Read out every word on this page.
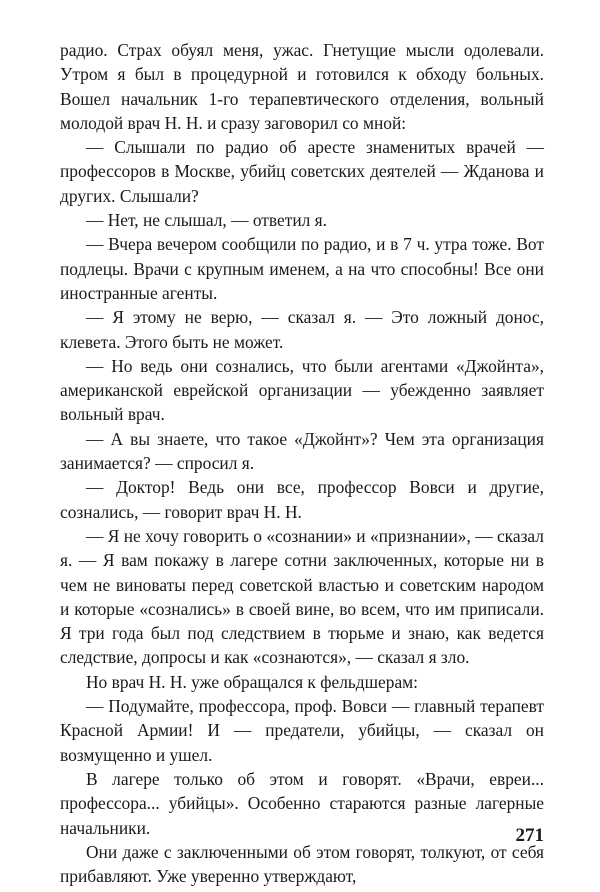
радио. Страх обуял меня, ужас. Гнетущие мысли одолевали. Утром я был в процедурной и готовился к обходу больных. Вошел начальник 1-го терапевтического отделения, вольный молодой врач Н. Н. и сразу заговорил со мной:

— Слышали по радио об аресте знаменитых врачей — профессоров в Москве, убийц советских деятелей — Жданова и других. Слышали?

— Нет, не слышал, — ответил я.

— Вчера вечером сообщили по радио, и в 7 ч. утра тоже. Вот подлецы. Врачи с крупным именем, а на что способны! Все они иностранные агенты.

— Я этому не верю, — сказал я. — Это ложный донос, клевета. Этого быть не может.

— Но ведь они сознались, что были агентами «Джойнта», американской еврейской организации — убежденно заявляет вольный врач.

— А вы знаете, что такое «Джойнт»? Чем эта организация занимается? — спросил я.

— Доктор! Ведь они все, профессор Вовси и другие, сознались, — говорит врач Н. Н.

— Я не хочу говорить о «сознании» и «признании», — сказал я. — Я вам покажу в лагере сотни заключенных, которые ни в чем не виноваты перед советской властью и советским народом и которые «сознались» в своей вине, во всем, что им приписали. Я три года был под следствием в тюрьме и знаю, как ведется следствие, допросы и как «сознаются», — сказал я зло.

Но врач Н. Н. уже обращался к фельдшерам:

— Подумайте, профессора, проф. Вовси — главный терапевт Красной Армии! И — предатели, убийцы, — сказал он возмущенно и ушел.

В лагере только об этом и говорят. «Врачи, евреи... профессора... убийцы». Особенно стараются разные лагерные начальники.

Они даже с заключенными об этом говорят, толкуют, от себя прибавляют. Уже уверенно утверждают,

271
